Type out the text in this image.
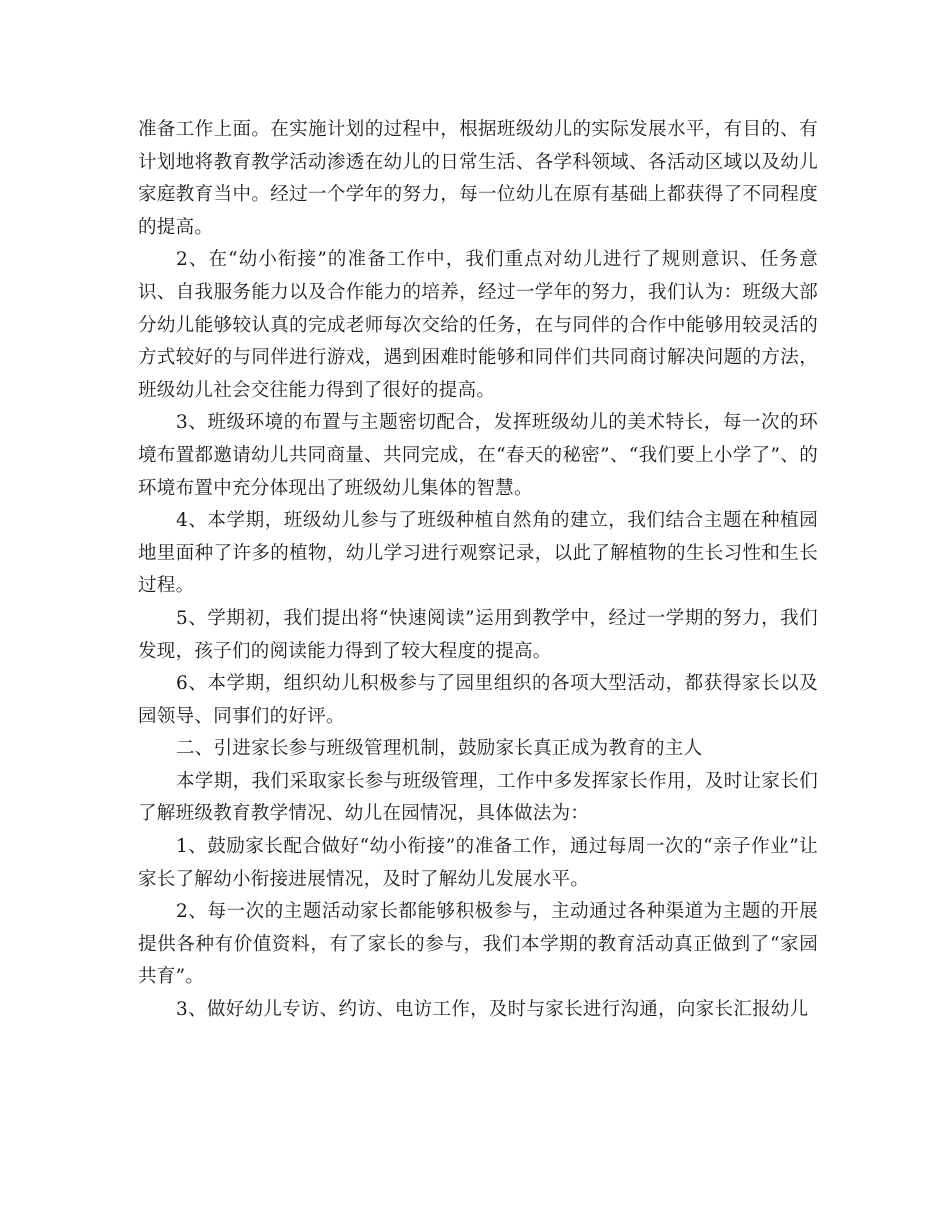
准备工作上面。在实施计划的过程中，根据班级幼儿的实际发展水平，有目的、有计划地将教育教学活动渗透在幼儿的日常生活、各学科领域、各活动区域以及幼儿家庭教育当中。经过一个学年的努力，每一位幼儿在原有基础上都获得了不同程度的提高。

2、在“幼小衔接”的准备工作中，我们重点对幼儿进行了规则意识、任务意识、自我服务能力以及合作能力的培养，经过一学年的努力，我们认为：班级大部分幼儿能够较认真的完成老师每次交给的任务，在与同伴的合作中能够用较灵活的方式较好的与同伴进行游戏，遇到困难时能够和同伴们共同商讨解决问题的方法，班级幼儿社会交往能力得到了很好的提高。

3、班级环境的布置与主题密切配合，发挥班级幼儿的美术特长，每一次的环境布置都邀请幼儿共同商量、共同完成，在“春天的秘密”、“我们要上小学了”、的环境布置中充分体现出了班级幼儿集体的智慧。

4、本学期，班级幼儿参与了班级种植自然角的建立，我们结合主题在种植园地里面种了许多的植物，幼儿学习进行观察记录，以此了解植物的生长习性和生长过程。

5、学期初，我们提出将“快速阅读”运用到教学中，经过一学期的努力，我们发现，孩子们的阅读能力得到了较大程度的提高。

6、本学期，组织幼儿积极参与了园里组织的各项大型活动，都获得家长以及园领导、同事们的好评。

二、引进家长参与班级管理机制，鼓励家长真正成为教育的主人

本学期，我们采取家长参与班级管理，工作中多发挥家长作用，及时让家长们了解班级教育教学情况、幼儿在园情况，具体做法为：

1、鼓励家长配合做好“幼小衔接”的准备工作，通过每周一次的“亲子作业”让家长了解幼小衔接进展情况，及时了解幼儿发展水平。

2、每一次的主题活动家长都能够积极参与，主动通过各种渠道为主题的开展提供各种有价值资料，有了家长的参与，我们本学期的教育活动真正做到了“家园共育”。

3、做好幼儿专访、约访、电访工作，及时与家长进行沟通，向家长汇报幼儿
